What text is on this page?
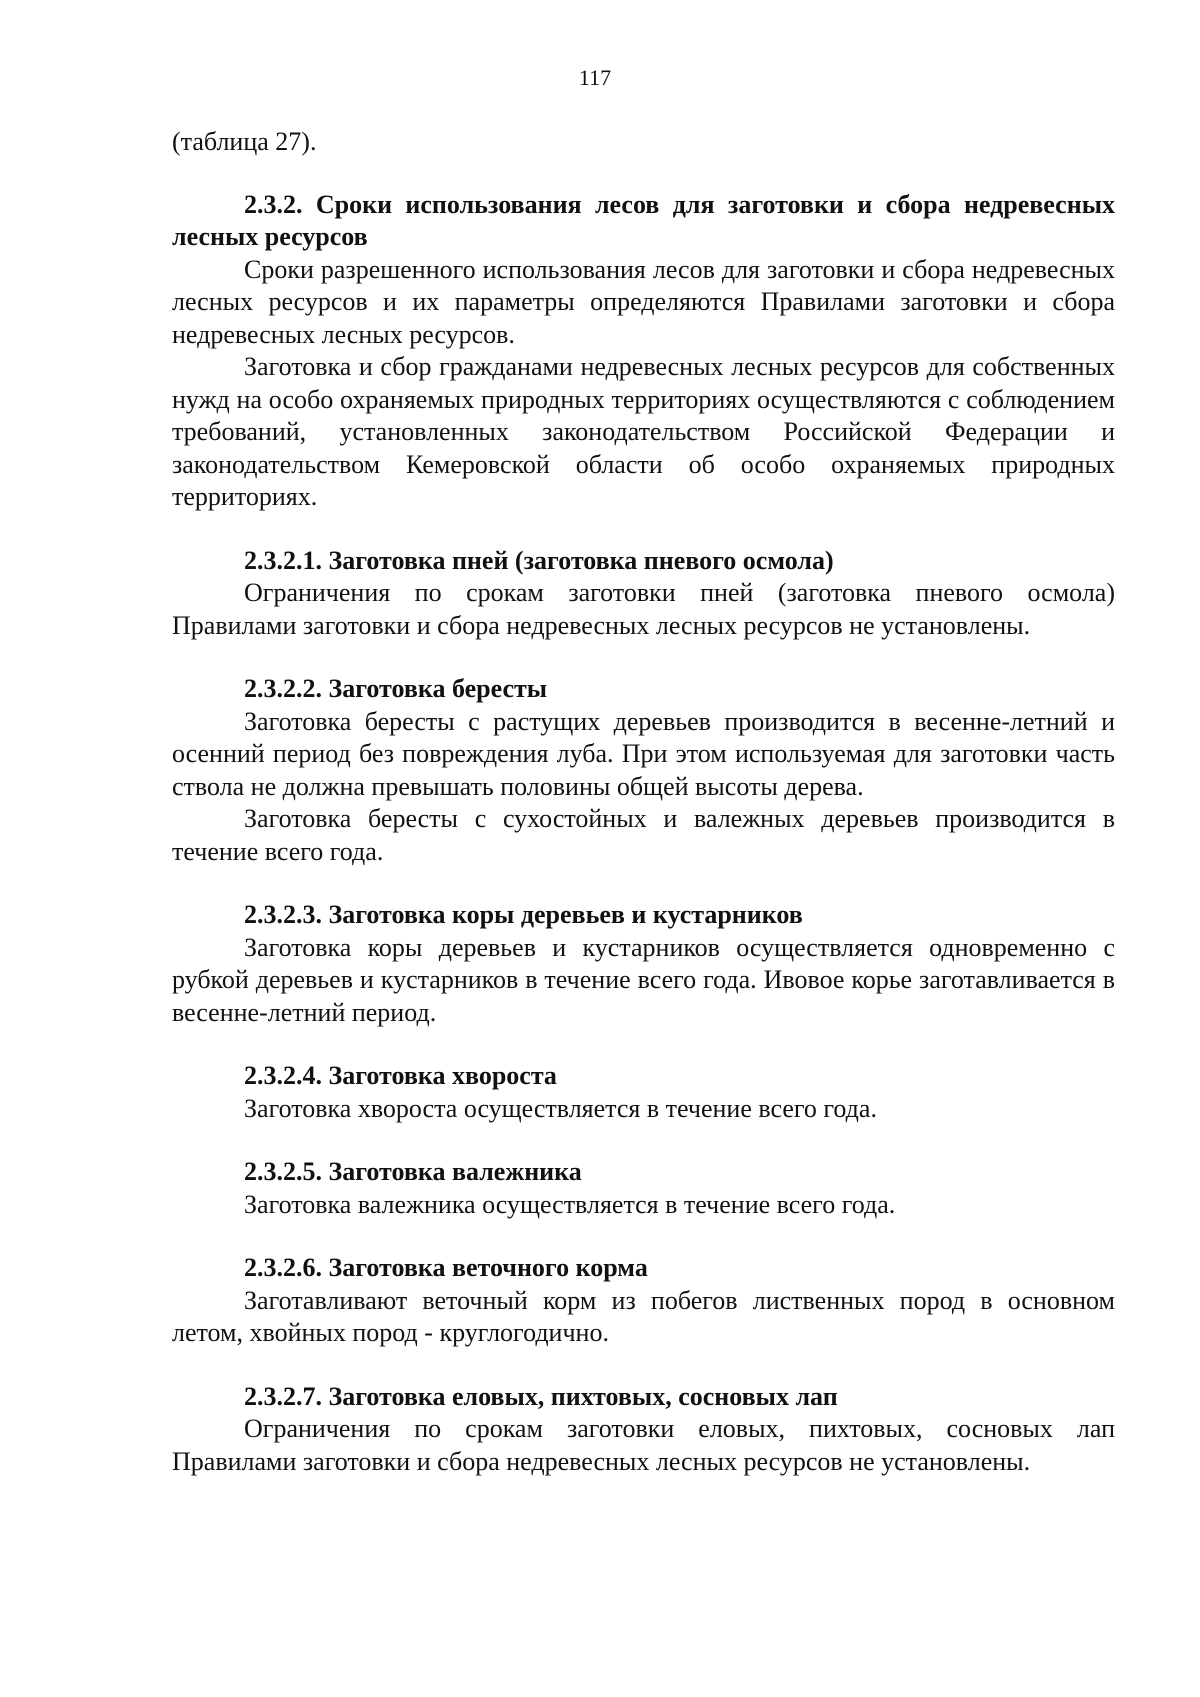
117

(таблица 27).

2.3.2. Сроки использования лесов для заготовки и сбора недревесных лесных ресурсов

Сроки разрешенного использования лесов для заготовки и сбора недревесных лесных ресурсов и их параметры определяются Правилами заготовки и сбора недревесных лесных ресурсов.

Заготовка и сбор гражданами недревесных лесных ресурсов для собственных нужд на особо охраняемых природных территориях осуществляются с соблюдением требований, установленных законодательством Российской Федерации и законодательством Кемеровской области об особо охраняемых природных территориях.

2.3.2.1. Заготовка пней (заготовка пневого осмола)

Ограничения по срокам заготовки пней (заготовка пневого осмола) Правилами заготовки и сбора недревесных лесных ресурсов не установлены.

2.3.2.2. Заготовка бересты

Заготовка бересты с растущих деревьев производится в весенне-летний и осенний период без повреждения луба. При этом используемая для заготовки часть ствола не должна превышать половины общей высоты дерева.

Заготовка бересты с сухостойных и валежных деревьев производится в течение всего года.

2.3.2.3. Заготовка коры деревьев и кустарников

Заготовка коры деревьев и кустарников осуществляется одновременно с рубкой деревьев и кустарников в течение всего года. Ивовое корье заготавливается в весенне-летний период.

2.3.2.4. Заготовка хвороста

Заготовка хвороста осуществляется в течение всего года.

2.3.2.5. Заготовка валежника

Заготовка валежника осуществляется в течение всего года.

2.3.2.6. Заготовка веточного корма

Заготавливают веточный корм из побегов лиственных пород в основном летом, хвойных пород - круглогодично.

2.3.2.7. Заготовка еловых, пихтовых, сосновых лап

Ограничения по срокам заготовки еловых, пихтовых, сосновых лап Правилами заготовки и сбора недревесных лесных ресурсов не установлены.
